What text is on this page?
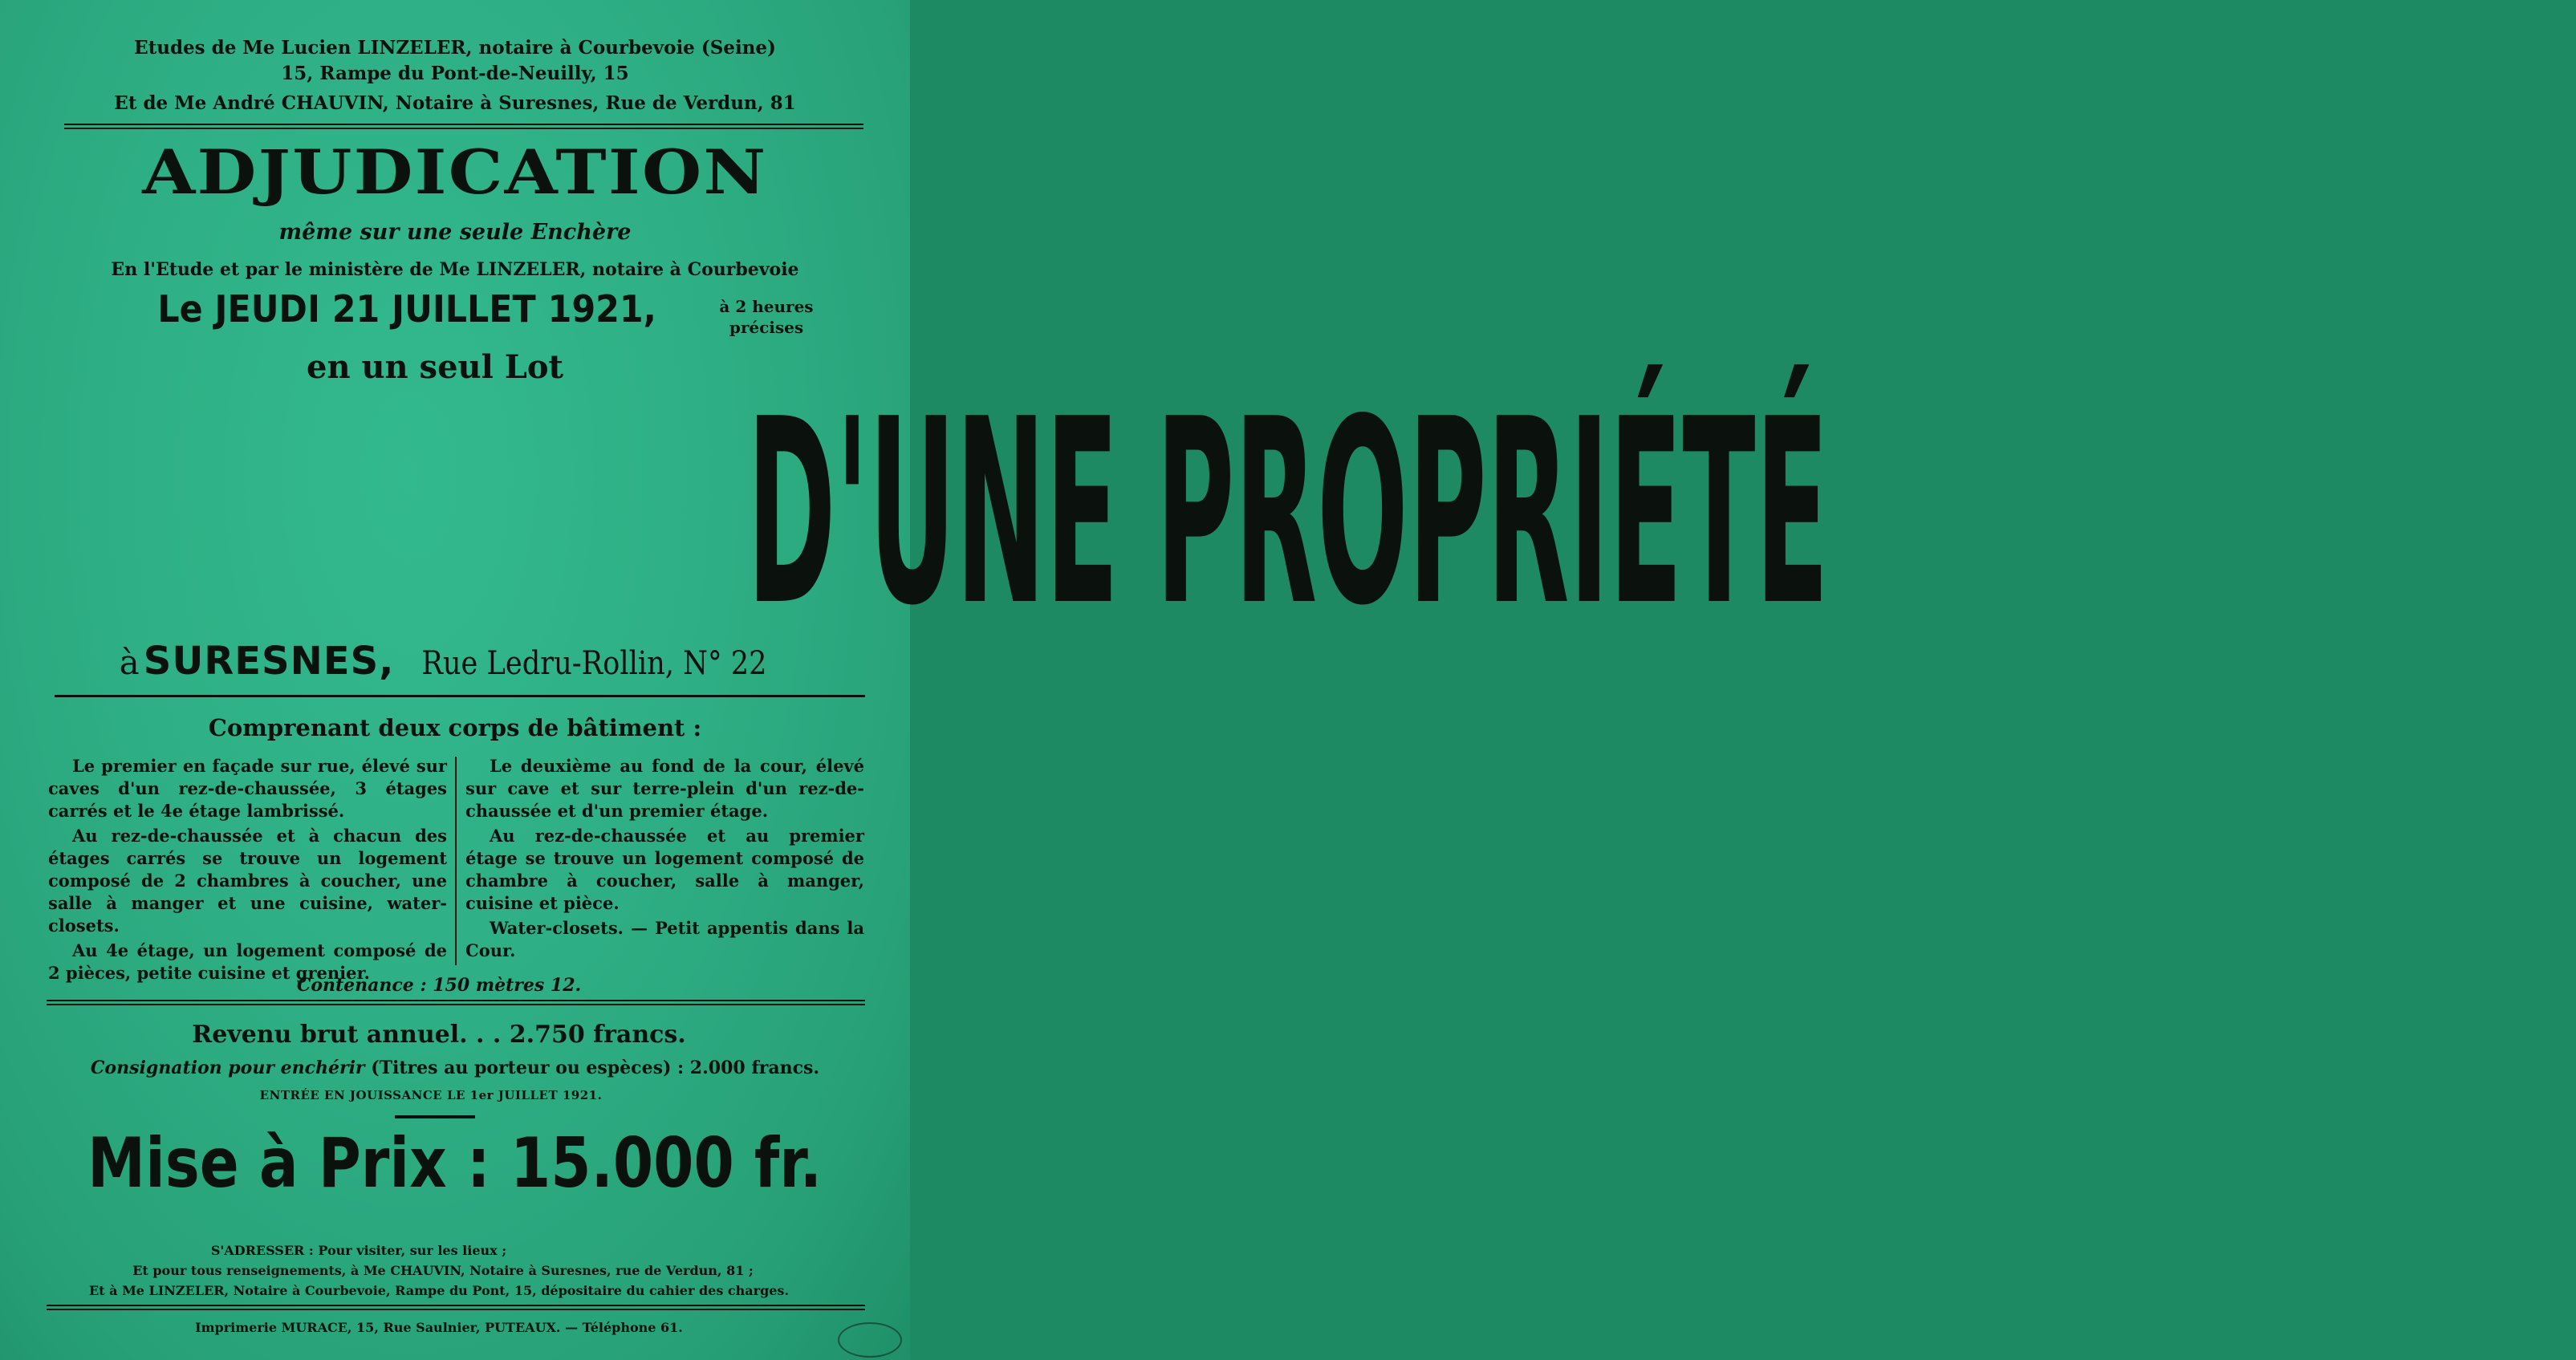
Etudes de Me Lucien LINZELER, notaire à Courbevoie (Seine)
15, Rampe du Pont-de-Neuilly, 15
Et de Me André CHAUVIN, Notaire à Suresnes, Rue de Verdun, 81
ADJUDICATION
même sur une seule Enchère
En l'Etude et par le ministère de Me LINZELER, notaire à Courbevoie
Le JEUDI 21 JUILLET 1921,	à 2 heures
précises
en un seul Lot D'UNE PROPRIÉTÉ
à SURESNES, Rue Ledru-Rollin, N° 22
Comprenant deux corps de bâtiment :

Le premier en façade sur rue, élevé sur caves d'un rez-de-chaussée, 3 étages carrés et le 4e étage lambrissé.

Au rez-de-chaussée et à chacun des étages carrés se trouve un logement composé de 2 chambres à coucher, une salle à manger et une cuisine, water-closets.

Au 4e étage, un logement composé de 2 pièces, petite cuisine et grenier.

Le deuxième au fond de la cour, élevé sur cave et sur terre-plein d'un rez-de-chaussée et d'un premier étage.

Au rez-de-chaussée et au premier étage se trouve un logement composé de chambre à coucher, salle à manger, cuisine et pièce.

Water-closets. — Petit appentis dans la Cour.

Contenance : 150 mètres 12.
Revenu brut annuel. . . 2.750 francs.
Consignation pour enchérir (Titres au porteur ou espèces) : 2.000 francs.
ENTRÉE EN JOUISSANCE LE 1er JUILLET 1921.
Mise à Prix : 15.000 fr.
S'ADRESSER : Pour visiter, sur les lieux ;
Et pour tous renseignements, à Me CHAUVIN, Notaire à Suresnes, rue de Verdun, 81 ;
Et à Me LINZELER, Notaire à Courbevoie, Rampe du Pont, 15, dépositaire du cahier des charges.
Imprimerie MURACE, 15, Rue Saulnier, PUTEAUX. — Téléphone 61.
